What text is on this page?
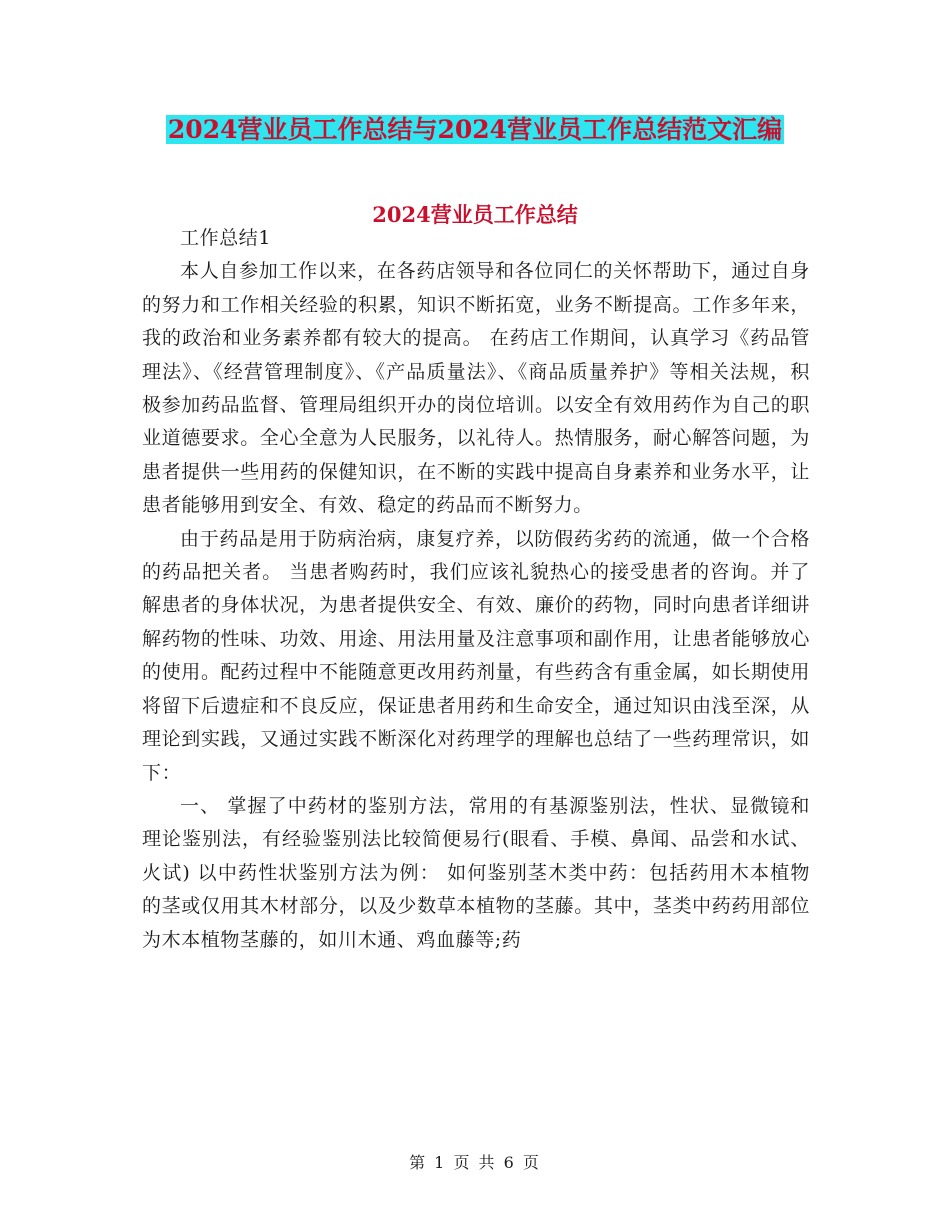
2024营业员工作总结与2024营业员工作总结范文汇编
2024营业员工作总结

工作总结1

本人自参加工作以来，在各药店领导和各位同仁的关怀帮助下，通过自身的努力和工作相关经验的积累，知识不断拓宽，业务不断提高。工作多年来，我的政治和业务素养都有较大的提高。 在药店工作期间，认真学习《药品管理法》、《经营管理制度》、《产品质量法》、《商品质量养护》等相关法规，积极参加药品监督、管理局组织开办的岗位培训。以安全有效用药作为自己的职业道德要求。全心全意为人民服务，以礼待人。热情服务，耐心解答问题，为患者提供一些用药的保健知识，在不断的实践中提高自身素养和业务水平，让患者能够用到安全、有效、稳定的药品而不断努力。

由于药品是用于防病治病，康复疗养，以防假药劣药的流通，做一个合格的药品把关者。 当患者购药时，我们应该礼貌热心的接受患者的咨询。并了解患者的身体状况，为患者提供安全、有效、廉价的药物，同时向患者详细讲解药物的性味、功效、用途、用法用量及注意事项和副作用，让患者能够放心的使用。配药过程中不能随意更改用药剂量，有些药含有重金属，如长期使用将留下后遗症和不良反应，保证患者用药和生命安全，通过知识由浅至深，从理论到实践，又通过实践不断深化对药理学的理解也总结了一些药理常识，如下：

一、 掌握了中药材的鉴别方法，常用的有基源鉴别法，性状、显微镜和理论鉴别法，有经验鉴别法比较简便易行(眼看、手模、鼻闻、品尝和水试、火试) 以中药性状鉴别方法为例： 如何鉴别茎木类中药：包括药用木本植物的茎或仅用其木材部分，以及少数草本植物的茎藤。其中，茎类中药药用部位为木本植物茎藤的，如川木通、鸡血藤等;药

第 1 页 共 6 页
